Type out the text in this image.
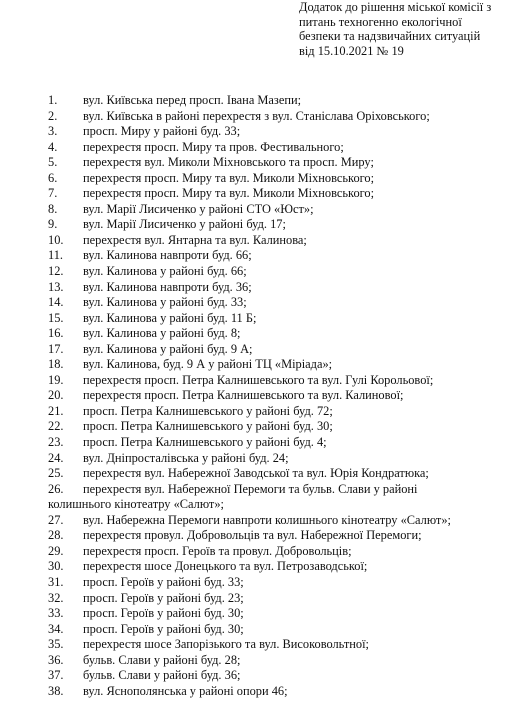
Додаток до рішення міської комісії з
питань техногенно екологічної
безпеки та надзвичайних ситуацій
від 15.10.2021 № 19
1. вул. Київська перед просп. Івана Мазепи;
2. вул. Київська в районі перехрестя з вул. Станіслава Оріховського;
3. просп. Миру у районі буд. 33;
4. перехрестя просп. Миру та пров. Фестивального;
5. перехрестя вул. Миколи Міхновського та просп. Миру;
6. перехрестя просп. Миру та вул. Миколи Міхновського;
7. перехрестя просп. Миру та вул. Миколи Міхновського;
8. вул. Марії Лисиченко у районі СТО «Юст»;
9. вул. Марії Лисиченко у районі буд. 17;
10. перехрестя вул. Янтарна та вул. Калинова;
11. вул. Калинова навпроти буд. 66;
12. вул. Калинова у районі буд. 66;
13. вул. Калинова навпроти буд. 36;
14. вул. Калинова у районі буд. 33;
15. вул. Калинова у районі буд. 11 Б;
16. вул. Калинова у районі буд. 8;
17. вул. Калинова у районі буд. 9 А;
18. вул. Калинова, буд. 9 А у районі ТЦ «Міріада»;
19. перехрестя просп. Петра Калнишевського та вул. Гулі Корольової;
20. перехрестя просп. Петра Калнишевського та вул. Калинової;
21. просп. Петра Калнишевського у районі буд. 72;
22. просп. Петра Калнишевського у районі буд. 30;
23. просп. Петра Калнишевського у районі буд. 4;
24. вул. Дніпросталівська у районі буд. 24;
25. перехрестя вул. Набережної Заводської та вул. Юрія Кондратюка;
26. перехрестя вул. Набережної Перемоги та бульв. Слави у районі
колишнього кінотеатру «Салют»;
27. вул. Набережна Перемоги навпроти колишнього кінотеатру «Салют»;
28. перехрестя провул. Добровольців та вул. Набережної Перемоги;
29. перехрестя просп. Героїв та провул. Добровольців;
30. перехрестя шосе Донецького та вул. Петрозаводської;
31. просп. Героїв у районі буд. 33;
32. просп. Героїв у районі буд. 23;
33. просп. Героїв у районі буд. 30;
34. просп. Героїв у районі буд. 30;
35. перехрестя шосе Запорізького та вул. Високовольтної;
36. бульв. Слави у районі буд. 28;
37. бульв. Слави у районі буд. 36;
38. вул. Яснополянська у районі опори 46;
